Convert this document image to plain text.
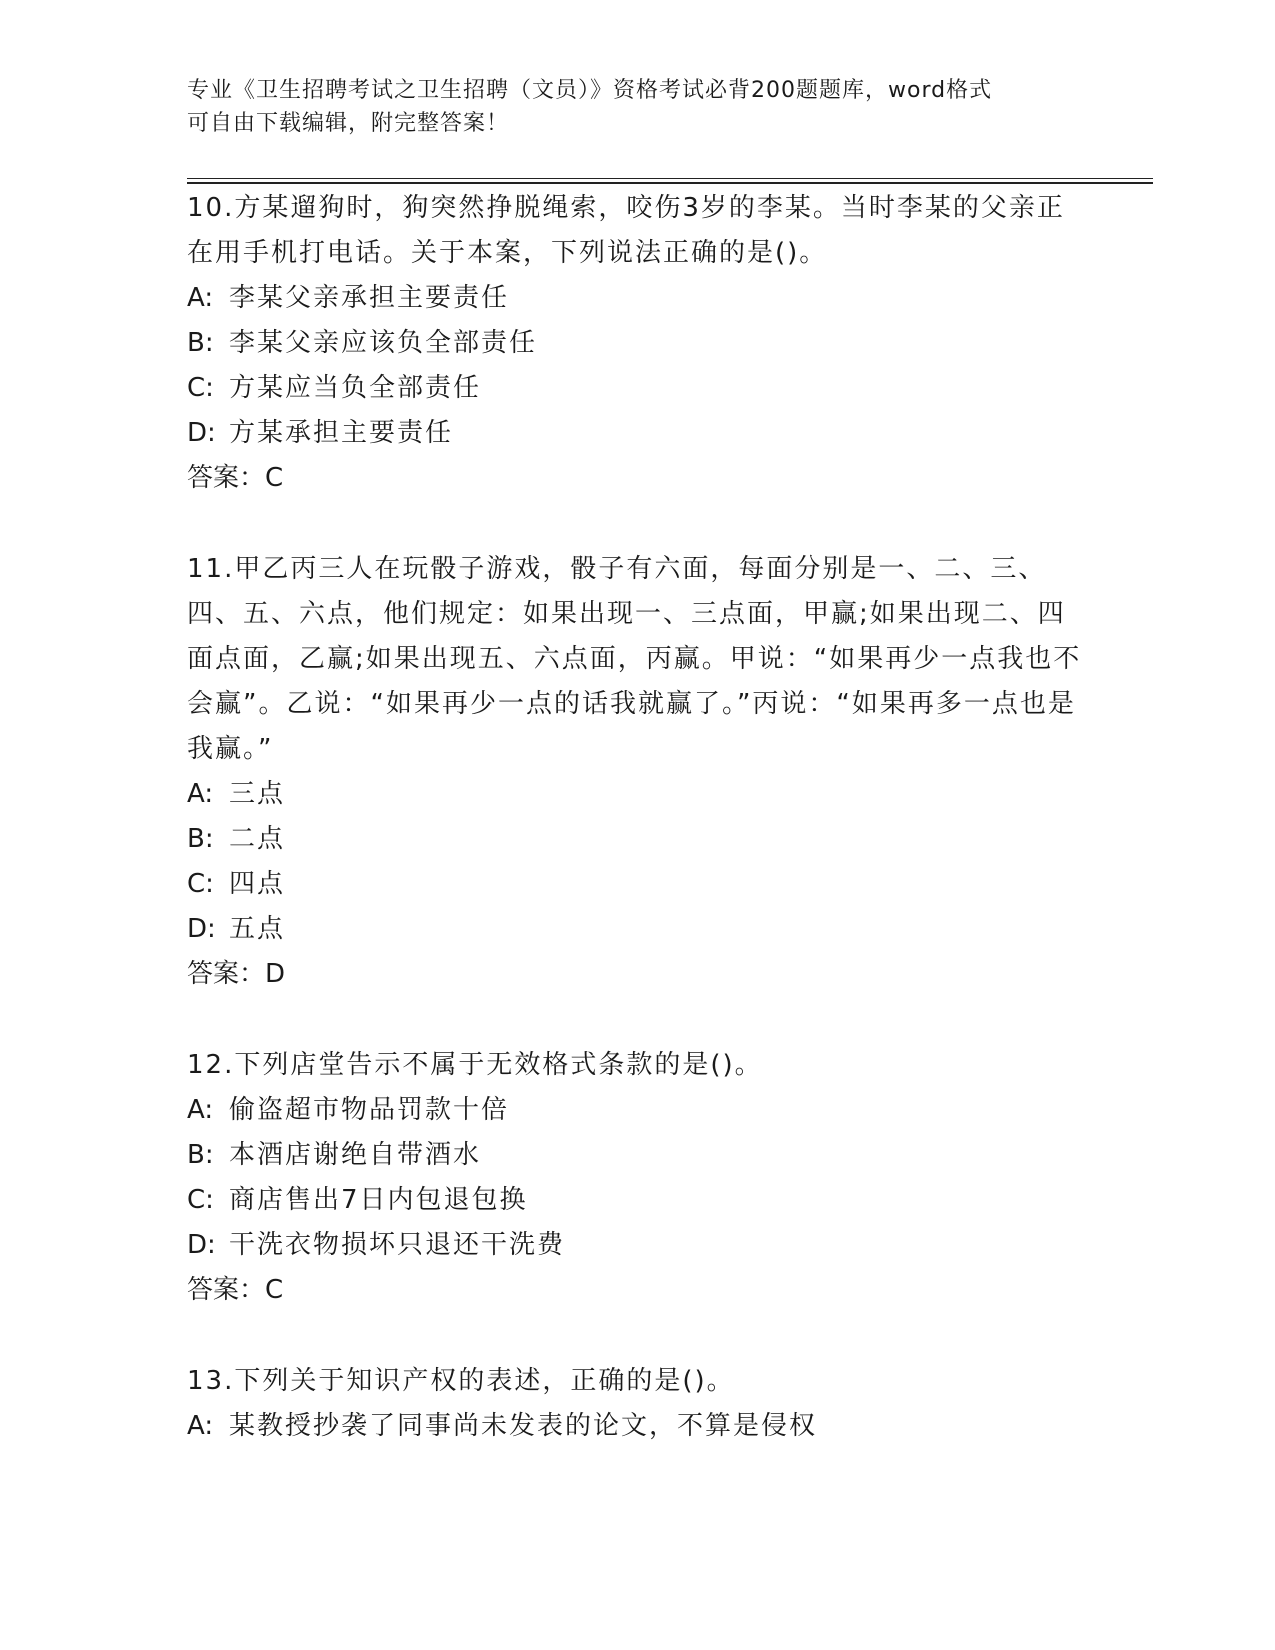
专业《卫生招聘考试之卫生招聘（文员）》资格考试必背200题题库，word格式
可自由下载编辑，附完整答案！

10.方某遛狗时，狗突然挣脱绳索，咬伤3岁的李某。当时李某的父亲正在用手机打电话。关于本案，下列说法正确的是()。

A: 李某父亲承担主要责任

B: 李某父亲应该负全部责任

C: 方某应当负全部责任

D: 方某承担主要责任

答案：C

11.甲乙丙三人在玩骰子游戏，骰子有六面，每面分别是一、二、三、四、五、六点，他们规定：如果出现一、三点面，甲赢;如果出现二、四面点面，乙赢;如果出现五、六点面，丙赢。甲说：“如果再少一点我也不会赢”。乙说：“如果再少一点的话我就赢了。”丙说：“如果再多一点也是我赢。”

A: 三点

B: 二点

C: 四点

D: 五点

答案：D

12.下列店堂告示不属于无效格式条款的是()。

A: 偷盗超市物品罚款十倍

B: 本酒店谢绝自带酒水

C: 商店售出7日内包退包换

D: 干洗衣物损坏只退还干洗费

答案：C

13.下列关于知识产权的表述，正确的是()。

A: 某教授抄袭了同事尚未发表的论文，不算是侵权
